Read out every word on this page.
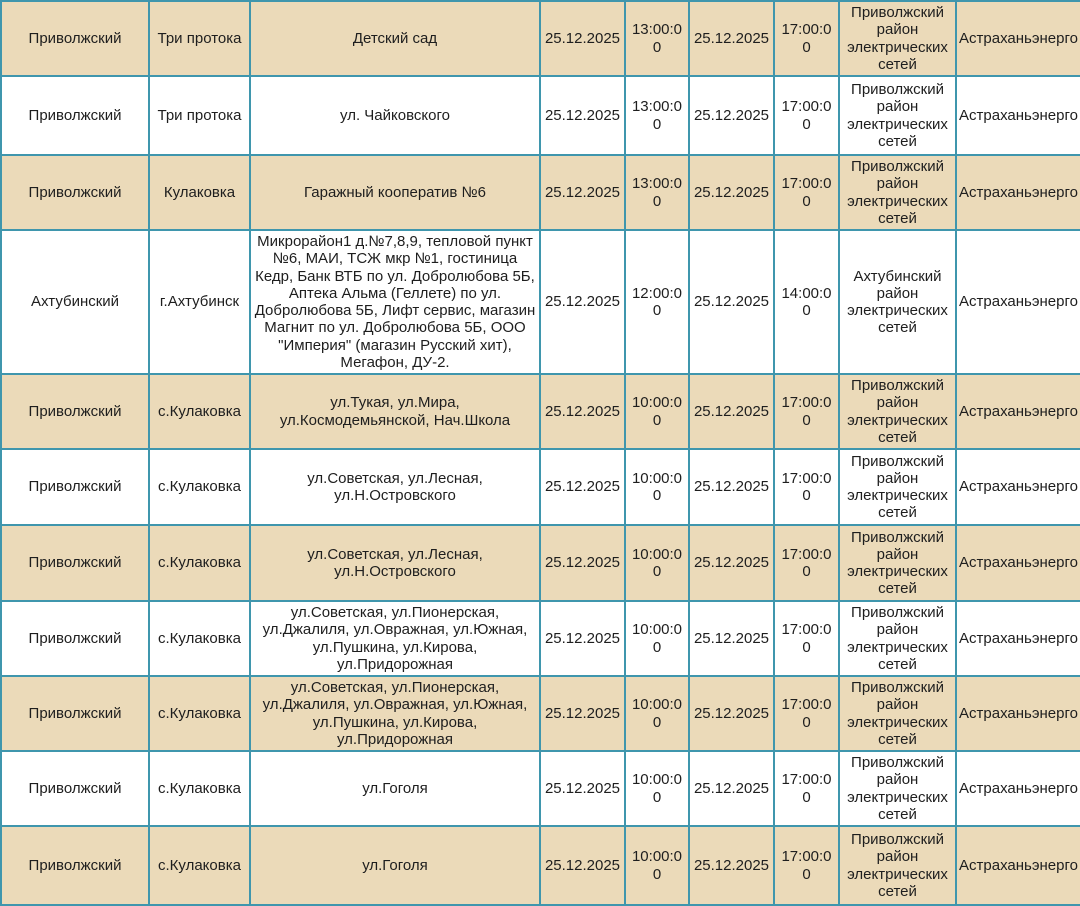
Приволжский	Три протока	Детский сад	25.12.2025	13:00:00	25.12.2025	17:00:00	Приволжский район электрических сетей	Астраханьэнерго
Приволжский	Три протока	ул. Чайковского	25.12.2025	13:00:00	25.12.2025	17:00:00	Приволжский район электрических сетей	Астраханьэнерго
Приволжский	Кулаковка	Гаражный кооператив №6	25.12.2025	13:00:00	25.12.2025	17:00:00	Приволжский район электрических сетей	Астраханьэнерго
Ахтубинский	г.Ахтубинск	Микрорайон1 д.№7,8,9, тепловой пункт №6, МАИ, ТСЖ мкр №1, гостиница Кедр, Банк ВТБ по ул. Добролюбова 5Б, Аптека Альма (Геллете) по ул. Добролюбова 5Б, Лифт сервис, магазин Магнит по ул. Добролюбова 5Б, ООО "Империя" (магазин Русский хит), Мегафон, ДУ-2.	25.12.2025	12:00:00	25.12.2025	14:00:00	Ахтубинский район электрических сетей	Астраханьэнерго
Приволжский	с.Кулаковка	ул.Тукая, ул.Мира, ул.Космодемьянской, Нач.Школа	25.12.2025	10:00:00	25.12.2025	17:00:00	Приволжский район электрических сетей	Астраханьэнерго
Приволжский	с.Кулаковка	ул.Советская, ул.Лесная, ул.Н.Островского	25.12.2025	10:00:00	25.12.2025	17:00:00	Приволжский район электрических сетей	Астраханьэнерго
Приволжский	с.Кулаковка	ул.Советская, ул.Лесная, ул.Н.Островского	25.12.2025	10:00:00	25.12.2025	17:00:00	Приволжский район электрических сетей	Астраханьэнерго
Приволжский	с.Кулаковка	ул.Советская, ул.Пионерская, ул.Джалиля, ул.Овражная, ул.Южная, ул.Пушкина, ул.Кирова, ул.Придорожная	25.12.2025	10:00:00	25.12.2025	17:00:00	Приволжский район электрических сетей	Астраханьэнерго
Приволжский	с.Кулаковка	ул.Советская, ул.Пионерская, ул.Джалиля, ул.Овражная, ул.Южная, ул.Пушкина, ул.Кирова, ул.Придорожная	25.12.2025	10:00:00	25.12.2025	17:00:00	Приволжский район электрических сетей	Астраханьэнерго
Приволжский	с.Кулаковка	ул.Гоголя	25.12.2025	10:00:00	25.12.2025	17:00:00	Приволжский район электрических сетей	Астраханьэнерго
Приволжский	с.Кулаковка	ул.Гоголя	25.12.2025	10:00:00	25.12.2025	17:00:00	Приволжский район электрических сетей	Астраханьэнерго
